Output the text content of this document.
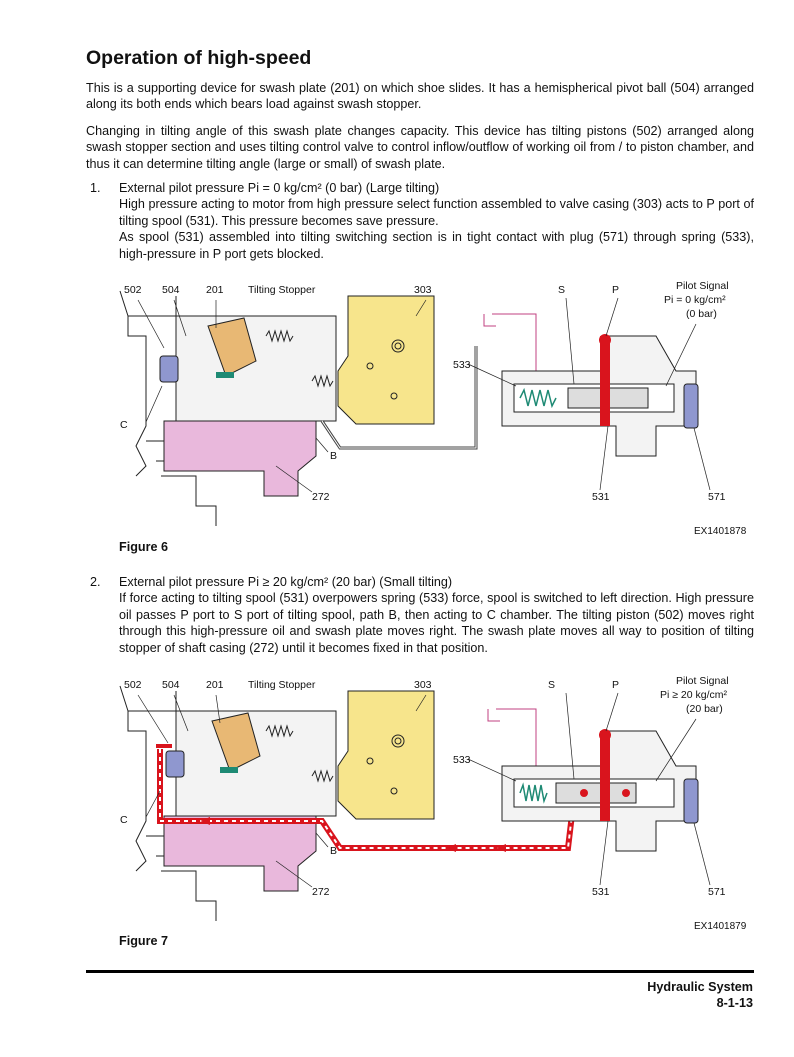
Operation of high-speed

This is a supporting device for swash plate (201) on which shoe slides. It has a hemispherical pivot ball (504) arranged along its both ends which bears load against swash stopper.

Changing in tilting angle of this swash plate changes capacity. This device has tilting pistons (502) arranged along swash stopper section and uses tilting control valve to control inflow/outflow of working oil from / to piston chamber, and thus it can determine tilting angle (large or small) of swash plate.

1. External pilot pressure Pi = 0 kg/cm² (0 bar) (Large tilting)
High pressure acting to motor from high pressure select function assembled to valve casing (303) acts to P port of tilting spool (531). This pressure becomes save pressure.
As spool (531) assembled into tilting switching section is in tight contact with plug (571) through spring (533), high-pressure in P port gets blocked.
502 504	201 Tilting Stopper	303	S	P	Pilot Signal
Pi = 0 kg/cm²
(0 bar)
533
C
B
272	531	571
EX1401878
Figure 6
2. External pilot pressure Pi ≥ 20 kg/cm² (20 bar) (Small tilting)
If force acting to tilting spool (531) overpowers spring (533) force, spool is switched to left direction. High pressure oil passes P port to S port of tilting spool, path B, then acting to C chamber. The tilting piston (502) moves right through this high-pressure oil and swash plate moves right. The swash plate moves all way to position of tilting stopper of shaft casing (272) until it becomes fixed in that position.
502 504	201 Tilting Stopper	303	S	P	Pilot Signal
Pi ≥ 20 kg/cm²
(20 bar)
533
C
B
272	531	571
EX1401879
Figure 7
Hydraulic System
8-1-13
